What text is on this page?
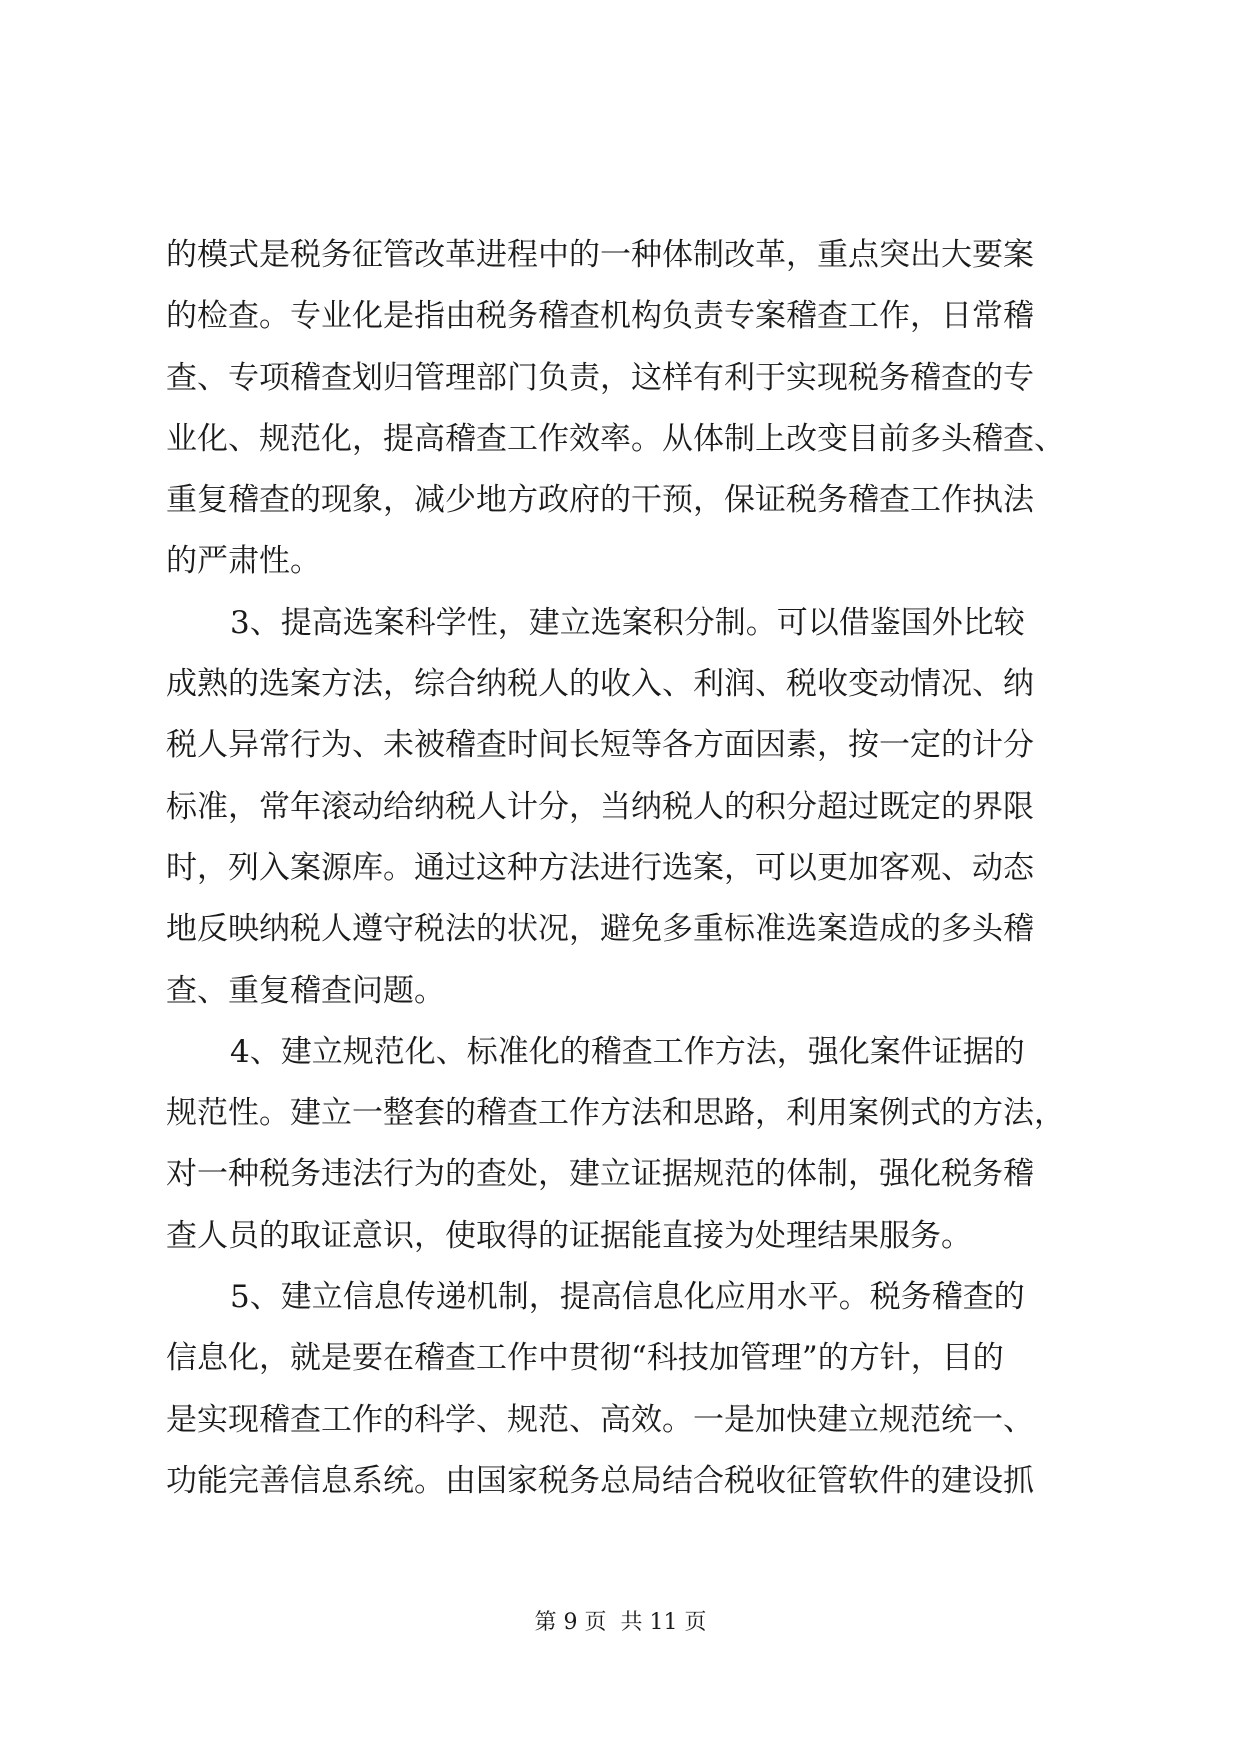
的模式是税务征管改革进程中的一种体制改革，重点突出大要案
的检查。专业化是指由税务稽查机构负责专案稽查工作，日常稽
查、专项稽查划归管理部门负责，这样有利于实现税务稽查的专
业化、规范化，提高稽查工作效率。从体制上改变目前多头稽查、
重复稽查的现象，减少地方政府的干预，保证税务稽查工作执法
的严肃性。
3、提高选案科学性，建立选案积分制。可以借鉴国外比较
成熟的选案方法，综合纳税人的收入、利润、税收变动情况、纳
税人异常行为、未被稽查时间长短等各方面因素，按一定的计分
标准，常年滚动给纳税人计分，当纳税人的积分超过既定的界限
时，列入案源库。通过这种方法进行选案，可以更加客观、动态
地反映纳税人遵守税法的状况，避免多重标准选案造成的多头稽
查、重复稽查问题。
4、建立规范化、标准化的稽查工作方法，强化案件证据的
规范性。建立一整套的稽查工作方法和思路，利用案例式的方法，
对一种税务违法行为的查处，建立证据规范的体制，强化税务稽
查人员的取证意识，使取得的证据能直接为处理结果服务。
5、建立信息传递机制，提高信息化应用水平。税务稽查的
信息化，就是要在稽查工作中贯彻“科技加管理”的方针，目的
是实现稽查工作的科学、规范、高效。一是加快建立规范统一、
功能完善信息系统。由国家税务总局结合税收征管软件的建设抓
第 9 页 共 11 页
